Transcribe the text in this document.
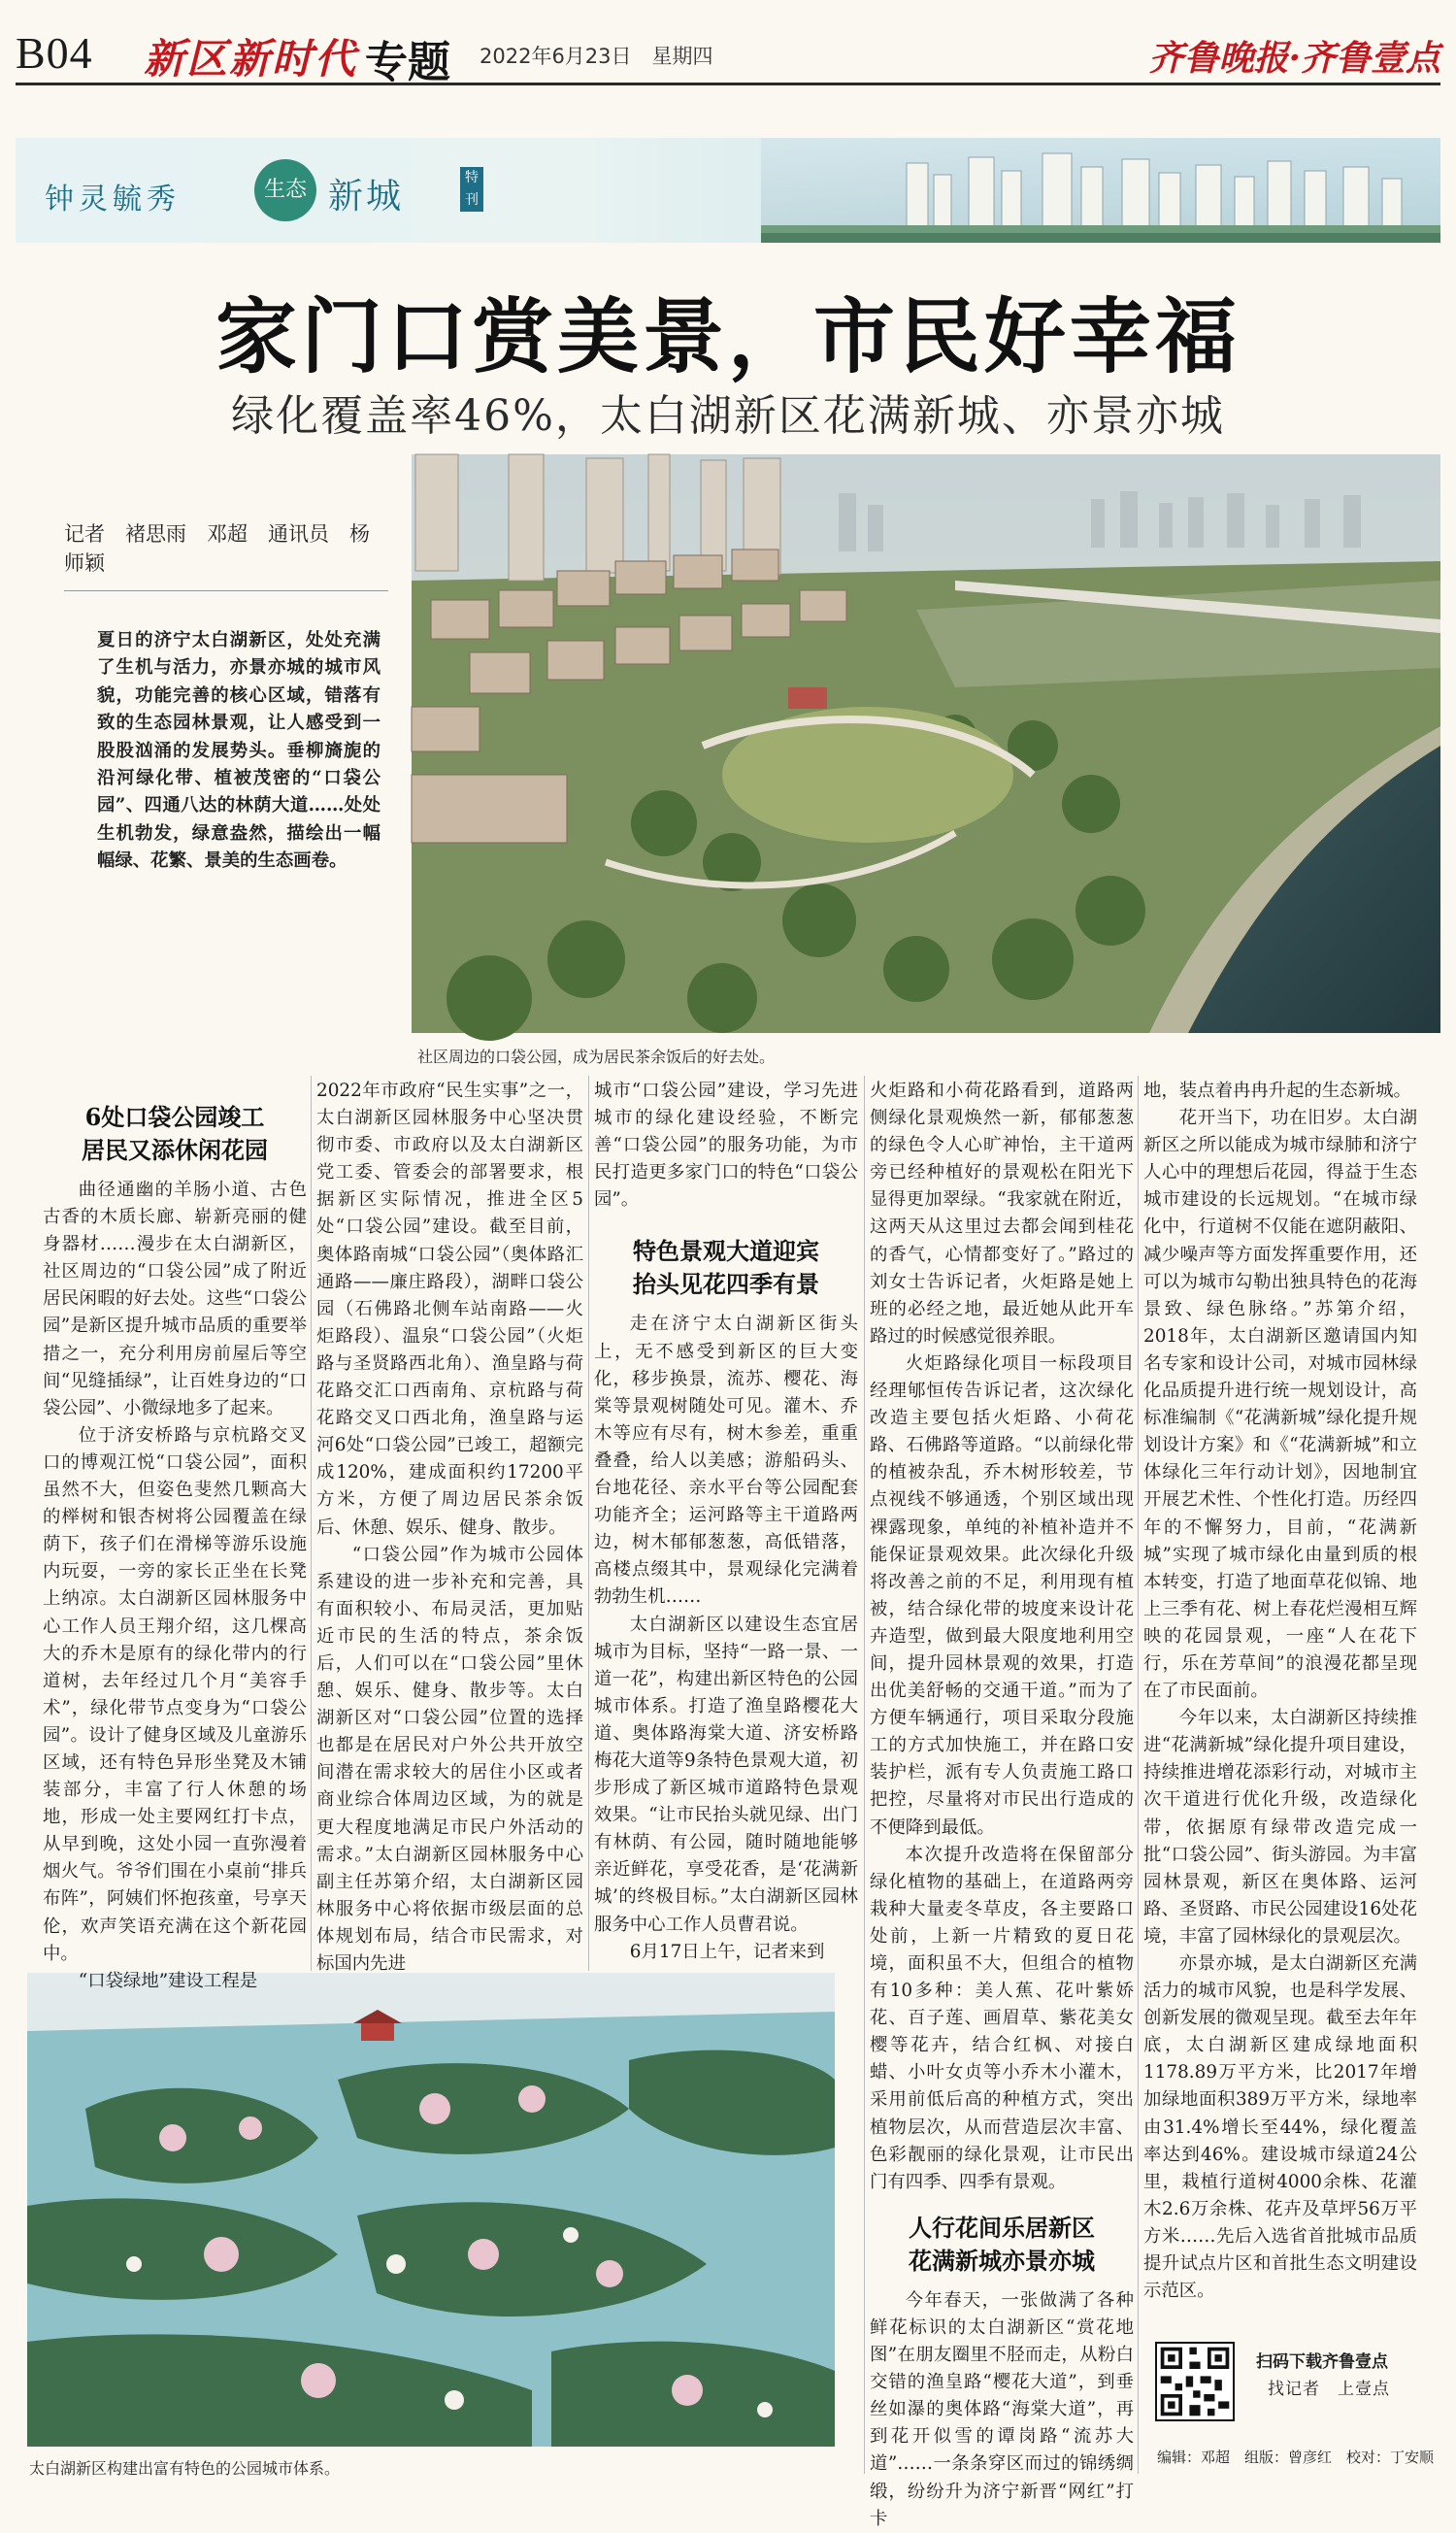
B04 新区新时代 专题 2022年6月23日　星期四	齐鲁晚报·齐鲁壹点
钟灵毓秀	生态 新城	特刊
家门口赏美景，市民好幸福
绿化覆盖率46%，太白湖新区花满新城、亦景亦城
记者　褚思雨　邓超　通讯员　杨师颖
夏日的济宁太白湖新区，处处充满了生机与活力，亦景亦城的城市风貌，功能完善的核心区域，错落有致的生态园林景观，让人感受到一股股汹涌的发展势头。垂柳旖旎的沿河绿化带、植被茂密的“口袋公园”、四通八达的林荫大道……处处生机勃发，绿意盎然，描绘出一幅幅绿、花繁、景美的生态画卷。
社区周边的口袋公园，成为居民茶余饭后的好去处。
太白湖新区构建出富有特色的公园城市体系。
6处口袋公园竣工
居民又添休闲花园

曲径通幽的羊肠小道、古色古香的木质长廊、崭新亮丽的健身器材……漫步在太白湖新区，社区周边的“口袋公园”成了附近居民闲暇的好去处。这些“口袋公园”是新区提升城市品质的重要举措之一，充分利用房前屋后等空间“见缝插绿”，让百姓身边的“口袋公园”、小微绿地多了起来。

位于济安桥路与京杭路交叉口的博观江悦“口袋公园”，面积虽然不大，但姿色斐然几颗高大的榉树和银杏树将公园覆盖在绿荫下，孩子们在滑梯等游乐设施内玩耍，一旁的家长正坐在长凳上纳凉。太白湖新区园林服务中心工作人员王翔介绍，这几棵高大的乔木是原有的绿化带内的行道树，去年经过几个月“美容手术”，绿化带节点变身为“口袋公园”。设计了健身区域及儿童游乐区域，还有特色异形坐凳及木铺装部分，丰富了行人休憩的场地，形成一处主要网红打卡点，从早到晚，这处小园一直弥漫着烟火气。爷爷们围在小桌前“排兵布阵”，阿姨们怀抱孩童，号享天伦，欢声笑语充满在这个新花园中。

“口袋绿地”建设工程是

2022年市政府“民生实事”之一，太白湖新区园林服务中心坚决贯彻市委、市政府以及太白湖新区党工委、管委会的部署要求，根据新区实际情况，推进全区5处“口袋公园”建设。截至目前，奥体路南城“口袋公园”（奥体路汇通路——廉庄路段），湖畔口袋公园（石佛路北侧车站南路——火炬路段）、温泉“口袋公园”（火炬路与圣贤路西北角）、渔皇路与荷花路交汇口西南角、京杭路与荷花路交叉口西北角，渔皇路与运河6处“口袋公园”已竣工，超额完成120%，建成面积约17200平方米，方便了周边居民茶余饭后、休憩、娱乐、健身、散步。

“口袋公园”作为城市公园体系建设的进一步补充和完善，具有面积较小、布局灵活，更加贴近市民的生活的特点，茶余饭后，人们可以在“口袋公园”里休憩、娱乐、健身、散步等。太白湖新区对“口袋公园”位置的选择也都是在居民对户外公共开放空间潜在需求较大的居住小区或者商业综合体周边区域，为的就是更大程度地满足市民户外活动的需求。”太白湖新区园林服务中心副主任苏第介绍，太白湖新区园林服务中心将依据市级层面的总体规划布局，结合市民需求，对标国内先进

城市“口袋公园”建设，学习先进城市的绿化建设经验，不断完善“口袋公园”的服务功能，为市民打造更多家门口的特色“口袋公园”。

特色景观大道迎宾
抬头见花四季有景

走在济宁太白湖新区街头上，无不感受到新区的巨大变化，移步换景，流苏、樱花、海棠等景观树随处可见。灌木、乔木等应有尽有，树木参差，重重叠叠，给人以美感；游船码头、台地花径、亲水平台等公园配套功能齐全；运河路等主干道路两边，树木郁郁葱葱，高低错落，高楼点缀其中，景观绿化完满着勃勃生机……

太白湖新区以建设生态宜居城市为目标，坚持“一路一景、一道一花”，构建出新区特色的公园城市体系。打造了渔皇路樱花大道、奥体路海棠大道、济安桥路梅花大道等9条特色景观大道，初步形成了新区城市道路特色景观效果。“让市民抬头就见绿、出门有林荫、有公园，随时随地能够亲近鲜花，享受花香，是‘花满新城’的终极目标。”太白湖新区园林服务中心工作人员曹君说。

6月17日上午，记者来到

火炬路和小荷花路看到，道路两侧绿化景观焕然一新，郁郁葱葱的绿色令人心旷神怡，主干道两旁已经种植好的景观松在阳光下显得更加翠绿。“我家就在附近，这两天从这里过去都会闻到桂花的香气，心情都变好了。”路过的刘女士告诉记者，火炬路是她上班的必经之地，最近她从此开车路过的时候感觉很养眼。

火炬路绿化项目一标段项目经理郇恒传告诉记者，这次绿化改造主要包括火炬路、小荷花路、石佛路等道路。“以前绿化带的植被杂乱，乔木树形较差，节点视线不够通透，个别区域出现裸露现象，单纯的补植补造并不能保证景观效果。此次绿化升级将改善之前的不足，利用现有植被，结合绿化带的坡度来设计花卉造型，做到最大限度地利用空间，提升园林景观的效果，打造出优美舒畅的交通干道。”而为了方便车辆通行，项目采取分段施工的方式加快施工，并在路口安装护栏，派有专人负责施工路口把控，尽量将对市民出行造成的不便降到最低。

本次提升改造将在保留部分绿化植物的基础上，在道路两旁栽种大量麦冬草皮，各主要路口处前，上新一片精致的夏日花境，面积虽不大，但组合的植物有10多种：美人蕉、花叶紫娇花、百子莲、画眉草、紫花美女樱等花卉，结合红枫、对接白蜡、小叶女贞等小乔木小灌木，采用前低后高的种植方式，突出植物层次，从而营造层次丰富、色彩靓丽的绿化景观，让市民出门有四季、四季有景观。

人行花间乐居新区
花满新城亦景亦城

今年春天，一张做满了各种鲜花标识的太白湖新区“赏花地图”在朋友圈里不胫而走，从粉白交错的渔皇路“樱花大道”，到垂丝如瀑的奥体路“海棠大道”，再到花开似雪的谭岗路“流苏大道”……一条条穿区而过的锦绣绸缎，纷纷升为济宁新晋“网红”打卡

地，装点着冉冉升起的生态新城。

花开当下，功在旧岁。太白湖新区之所以能成为城市绿肺和济宁人心中的理想后花园，得益于生态城市建设的长远规划。“在城市绿化中，行道树不仅能在遮阴蔽阳、减少噪声等方面发挥重要作用，还可以为城市勾勒出独具特色的花海景致、绿色脉络。”苏第介绍，2018年，太白湖新区邀请国内知名专家和设计公司，对城市园林绿化品质提升进行统一规划设计，高标准编制《“花满新城”绿化提升规划设计方案》和《“花满新城”和立体绿化三年行动计划》，因地制宜开展艺术性、个性化打造。历经四年的不懈努力，目前，“花满新城”实现了城市绿化由量到质的根本转变，打造了地面草花似锦、地上三季有花、树上春花烂漫相互辉映的花园景观，一座“人在花下行，乐在芳草间”的浪漫花都呈现在了市民面前。

今年以来，太白湖新区持续推进“花满新城”绿化提升项目建设，持续推进增花添彩行动，对城市主次干道进行优化升级，改造绿化带，依据原有绿带改造完成一批“口袋公园”、街头游园。为丰富园林景观，新区在奥体路、运河路、圣贤路、市民公园建设16处花境，丰富了园林绿化的景观层次。

亦景亦城，是太白湖新区充满活力的城市风貌，也是科学发展、创新发展的微观呈现。截至去年年底，太白湖新区建成绿地面积1178.89万平方米，比2017年增加绿地面积389万平方米，绿地率由31.4%增长至44%，绿化覆盖率达到46%。建设城市绿道24公里，栽植行道树4000余株、花灌木2.6万余株、花卉及草坪56万平方米……先后入选省首批城市品质提升试点片区和首批生态文明建设示范区。

扫码下载齐鲁壹点
找记者　上壹点
编辑：邓超　组版：曾彦红　校对：丁安顺
